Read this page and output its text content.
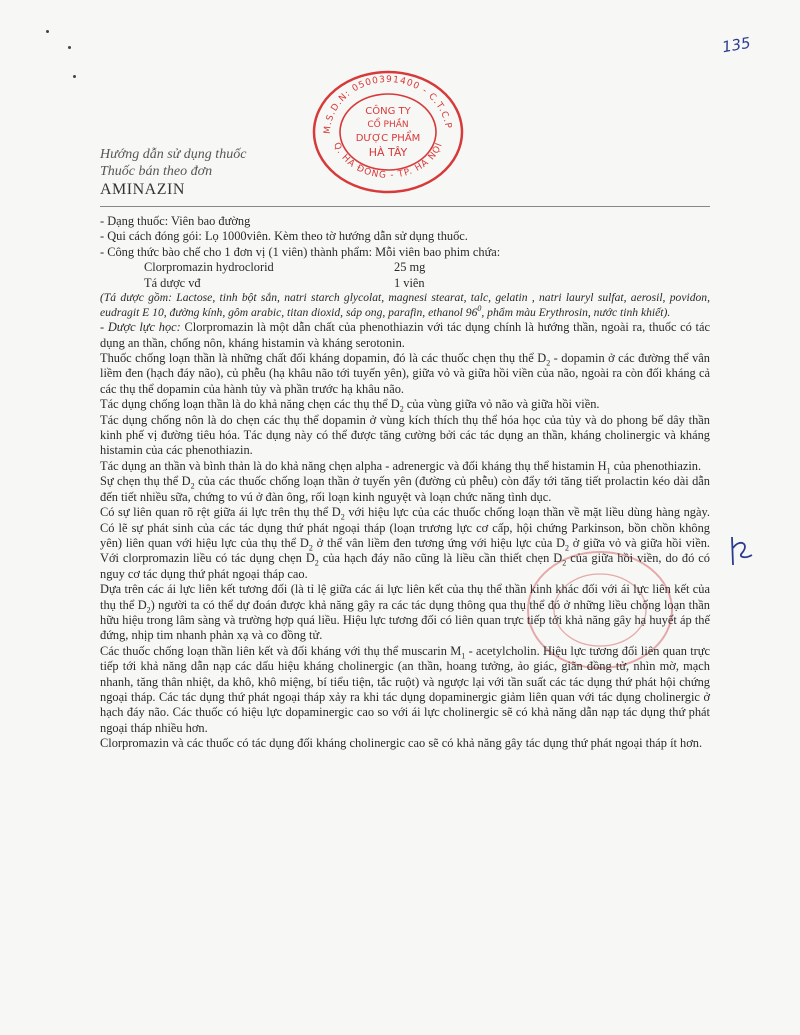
135
M.S.D.N: 0500391400 - C.T.C.P
Q. HÀ ĐÔNG - TP. HÀ NỘI
CÔNG TY
CỔ PHẦN
DƯỢC PHẨM
HÀ TÂY
Hướng dẫn sử dụng thuốc
Thuốc bán theo đơn
AMINAZIN

- Dạng thuốc: Viên bao đường

- Qui cách đóng gói: Lọ 1000viên. Kèm theo tờ hướng dẫn sử dụng thuốc.

- Công thức bào chế cho 1 đơn vị (1 viên) thành phẩm: Mỗi viên bao phim chứa:

Clorpromazin hydroclorid	25 mg
Tá dược vđ	1 viên

(Tá dược gồm: Lactose, tinh bột sắn, natri starch glycolat, magnesi stearat, talc, gelatin , natri lauryl sulfat, aerosil, povidon, eudragit E 10, đường kính, gôm arabic, titan dioxid, sáp ong, parafin, ethanol $96^0$, phẩm màu Erythrosin, nước tinh khiết).

- Dược lực học: Clorpromazin là một dẫn chất của phenothiazin với tác dụng chính là hướng thần, ngoài ra, thuốc có tác dụng an thần, chống nôn, kháng histamin và kháng serotonin.

Thuốc chống loạn thần là những chất đối kháng dopamin, đó là các thuốc chẹn thụ thể $D_2$ - dopamin ở các đường thể vân liềm đen (hạch đáy não), củ phễu (hạ khâu não tới tuyến yên), giữa vỏ và giữa hồi viền của não, ngoài ra còn đối kháng cả các thụ thể dopamin của hành tủy và phần trước hạ khâu não.

Tác dụng chống loạn thần là do khả năng chẹn các thụ thể $D_2$ của vùng giữa vỏ não và giữa hồi viền.

Tác dụng chống nôn là do chẹn các thụ thể dopamin ở vùng kích thích thụ thể hóa học của tủy và do phong bế dây thần kinh phế vị đường tiêu hóa. Tác dụng này có thể được tăng cường bởi các tác dụng an thần, kháng cholinergic và kháng histamin của các phenothiazin.

Tác dụng an thần và bình thản là do khả năng chẹn alpha - adrenergic và đối kháng thụ thể histamin $H_1$ của phenothiazin.

Sự chẹn thụ thể $D_2$ của các thuốc chống loạn thần ở tuyến yên (đường củ phễu) còn đẩy tới tăng tiết prolactin kéo dài dẫn đến tiết nhiều sữa, chứng to vú ở đàn ông, rối loạn kinh nguyệt và loạn chức năng tình dục.

Có sự liên quan rõ rệt giữa ái lực trên thụ thể $D_2$ với hiệu lực của các thuốc chống loạn thần về mặt liều dùng hàng ngày. Có lẽ sự phát sinh của các tác dụng thứ phát ngoại tháp (loạn trương lực cơ cấp, hội chứng Parkinson, bồn chồn không yên) liên quan với hiệu lực của thụ thể $D_2$ ở thể vân liềm đen tương ứng với hiệu lực của $D_2$ ở giữa vỏ và giữa hồi viền. Với clorpromazin liều có tác dụng chẹn $D_2$ của hạch đáy não cũng là liều cần thiết chẹn $D_2$ của giữa hồi viền, do đó có nguy cơ tác dụng thứ phát ngoại tháp cao.

Dựa trên các ái lực liên kết tương đối (là tỉ lệ giữa các ái lực liên kết của thụ thể thần kinh khác đối với ái lực liên kết của thụ thể $D_2$) người ta có thể dự đoán được khả năng gây ra các tác dụng thông qua thụ thể đó ở những liều chống loạn thần hữu hiệu trong lâm sàng và trường hợp quá liều. Hiệu lực tương đối có liên quan trực tiếp tới khả năng gây hạ huyết áp thế đứng, nhịp tim nhanh phản xạ và co đồng tử.

Các thuốc chống loạn thần liên kết và đối kháng với thụ thể muscarin $M_1$ - acetylcholin. Hiệu lực tương đối liên quan trực tiếp tới khả năng dẫn nạp các dấu hiệu kháng cholinergic (an thần, hoang tưởng, ảo giác, giãn đồng tử, nhìn mờ, mạch nhanh, tăng thân nhiệt, da khô, khô miệng, bí tiểu tiện, tắc ruột) và ngược lại với tần suất các tác dụng thứ phát hội chứng ngoại tháp. Các tác dụng thứ phát ngoại tháp xảy ra khi tác dụng dopaminergic giảm liên quan với tác dụng cholinergic ở hạch đáy não. Các thuốc có hiệu lực dopaminergic cao so với ái lực cholinergic sẽ có khả năng dẫn nạp tác dụng thứ phát ngoại tháp nhiều hơn.

Clorpromazin và các thuốc có tác dụng đối kháng cholinergic cao sẽ có khả năng gây tác dụng thứ phát ngoại tháp ít hơn.
